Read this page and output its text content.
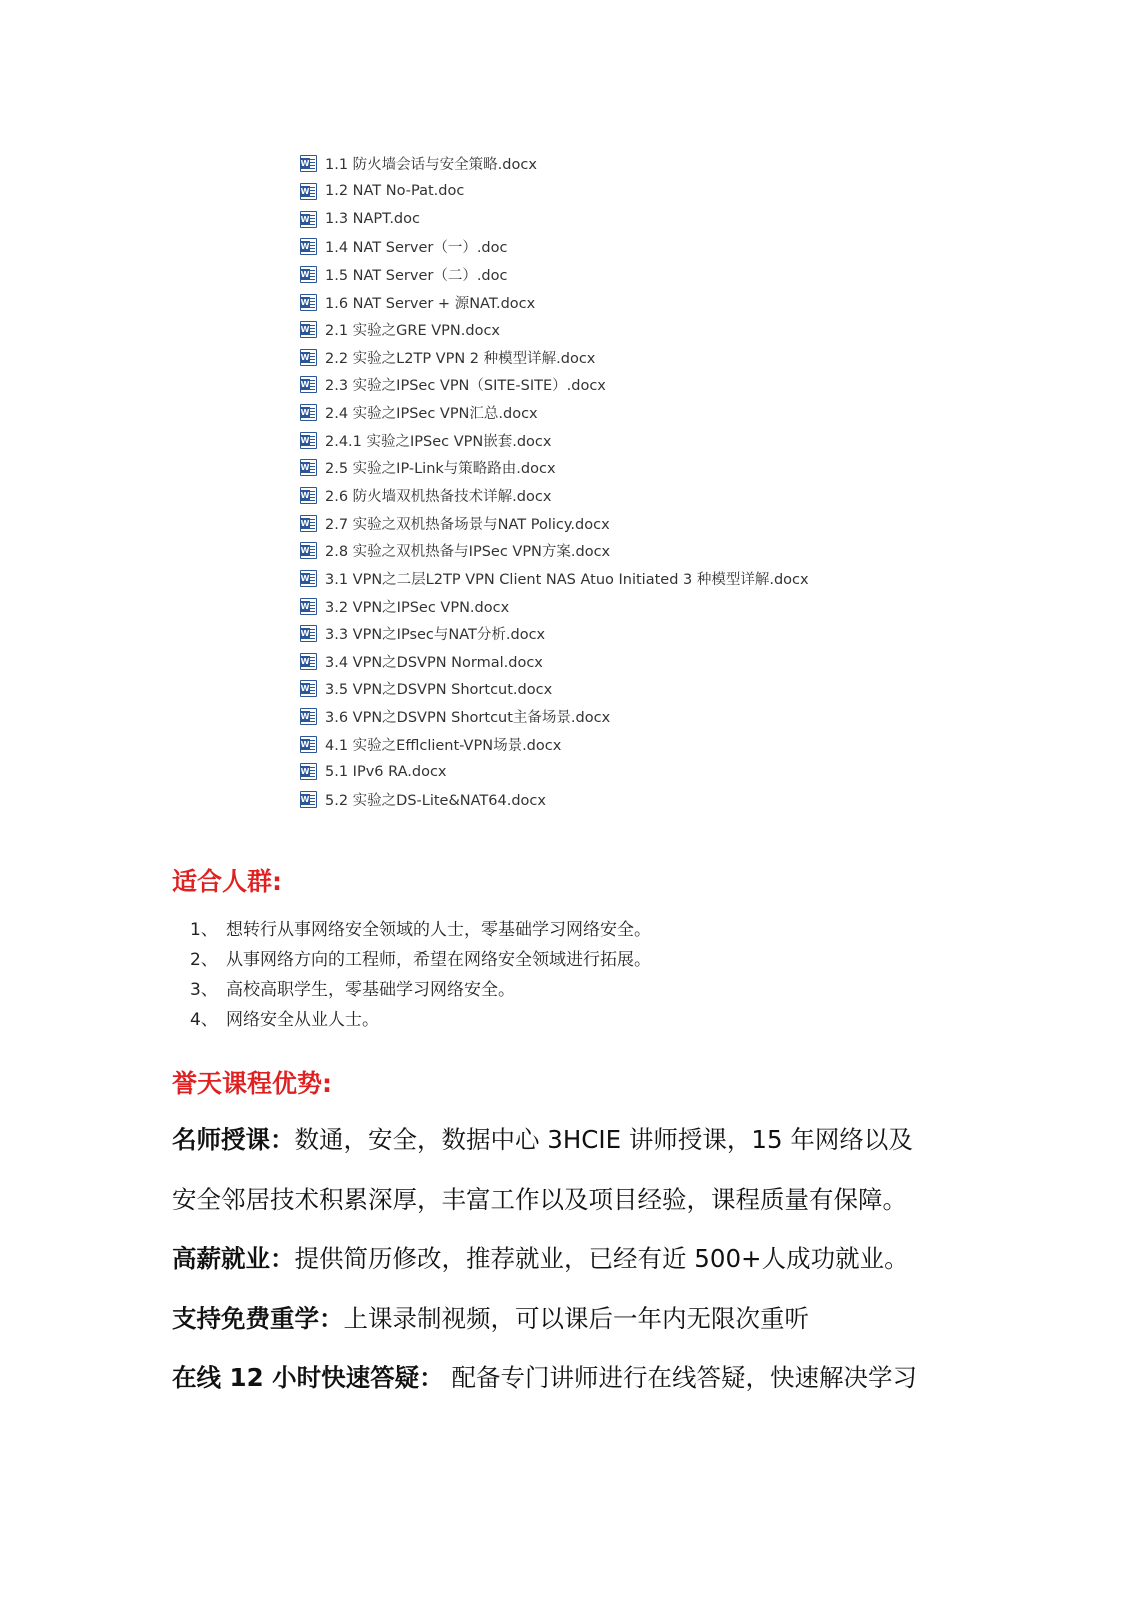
W 1.1 防火墙会话与安全策略.docx
W 1.2 NAT No-Pat.doc
W 1.3 NAPT.doc
W 1.4 NAT Server（一）.doc
W 1.5 NAT Server（二）.doc
W 1.6 NAT Server + 源NAT.docx
W 2.1 实验之GRE VPN.docx
W 2.2 实验之L2TP VPN 2 种模型详解.docx
W 2.3 实验之IPSec VPN（SITE-SITE）.docx
W 2.4 实验之IPSec VPN汇总.docx
W 2.4.1 实验之IPSec VPN嵌套.docx
W 2.5 实验之IP-Link与策略路由.docx
W 2.6 防火墙双机热备技术详解.docx
W 2.7 实验之双机热备场景与NAT Policy.docx
W 2.8 实验之双机热备与IPSec VPN方案.docx
W 3.1 VPN之二层L2TP VPN Client NAS Atuo Initiated 3 种模型详解.docx
W 3.2 VPN之IPSec VPN.docx
W 3.3 VPN之IPsec与NAT分析.docx
W 3.4 VPN之DSVPN Normal.docx
W 3.5 VPN之DSVPN Shortcut.docx
W 3.6 VPN之DSVPN Shortcut主备场景.docx
W 4.1 实验之Efflclient-VPN场景.docx
W 5.1 IPv6 RA.docx
W 5.2 实验之DS-Lite&NAT64.docx
适合人群:
1、 想转行从事网络安全领域的人士，零基础学习网络安全。
2、 从事网络方向的工程师，希望在网络安全领域进行拓展。
3、 高校高职学生，零基础学习网络安全。
4、 网络安全从业人士。
誉天课程优势:
名师授课：数通，安全，数据中心 3HCIE 讲师授课，15 年网络以及
安全邻居技术积累深厚，丰富工作以及项目经验，课程质量有保障。
高薪就业：提供简历修改，推荐就业，已经有近 500+人成功就业。
支持免费重学：上课录制视频，可以课后一年内无限次重听
在线 12 小时快速答疑： 配备专门讲师进行在线答疑，快速解决学习
